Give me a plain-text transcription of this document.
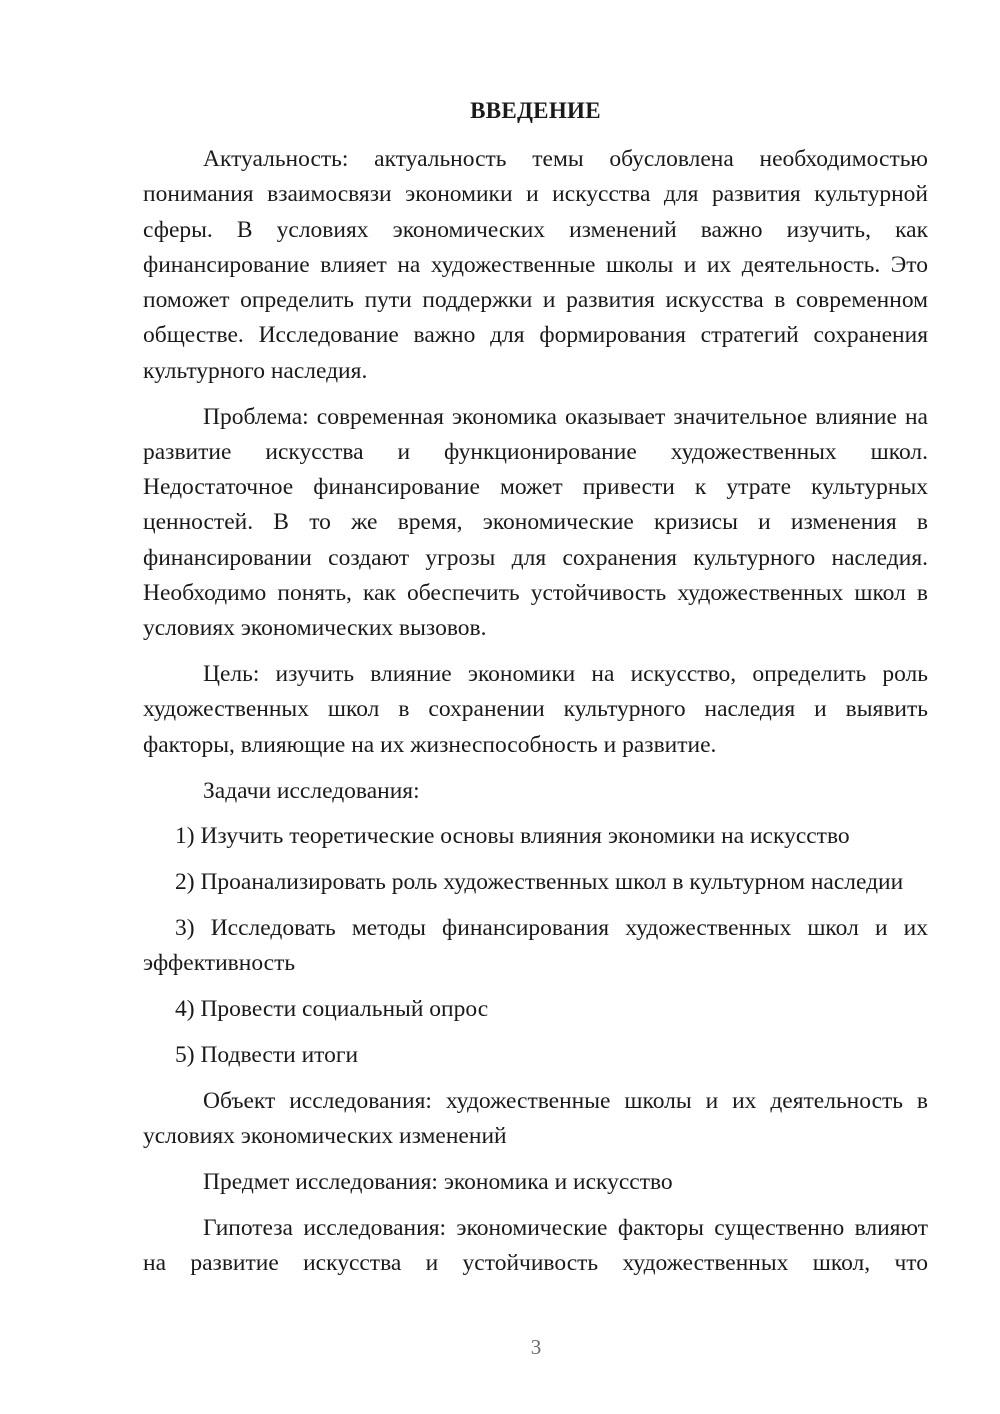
ВВЕДЕНИЕ

Актуальность: актуальность темы обусловлена необходимостью понимания взаимосвязи экономики и искусства для развития культурной сферы. В условиях экономических изменений важно изучить, как финансирование влияет на художественные школы и их деятельность. Это поможет определить пути поддержки и развития искусства в современном обществе. Исследование важно для формирования стратегий сохранения культурного наследия.

Проблема: современная экономика оказывает значительное влияние на развитие искусства и функционирование художественных школ. Недостаточное финансирование может привести к утрате культурных ценностей. В то же время, экономические кризисы и изменения в финансировании создают угрозы для сохранения культурного наследия. Необходимо понять, как обеспечить устойчивость художественных школ в условиях экономических вызовов.

Цель: изучить влияние экономики на искусство, определить роль художественных школ в сохранении культурного наследия и выявить факторы, влияющие на их жизнеспособность и развитие.

Задачи исследования:

1) Изучить теоретические основы влияния экономики на искусство

2) Проанализировать роль художественных школ в культурном наследии

3) Исследовать методы финансирования художественных школ и их эффективность

4) Провести социальный опрос

5) Подвести итоги

Объект исследования: художественные школы и их деятельность в условиях экономических изменений

Предмет исследования: экономика и искусство

Гипотеза исследования: экономические факторы существенно влияют на развитие искусства и устойчивость художественных школ, что

3
